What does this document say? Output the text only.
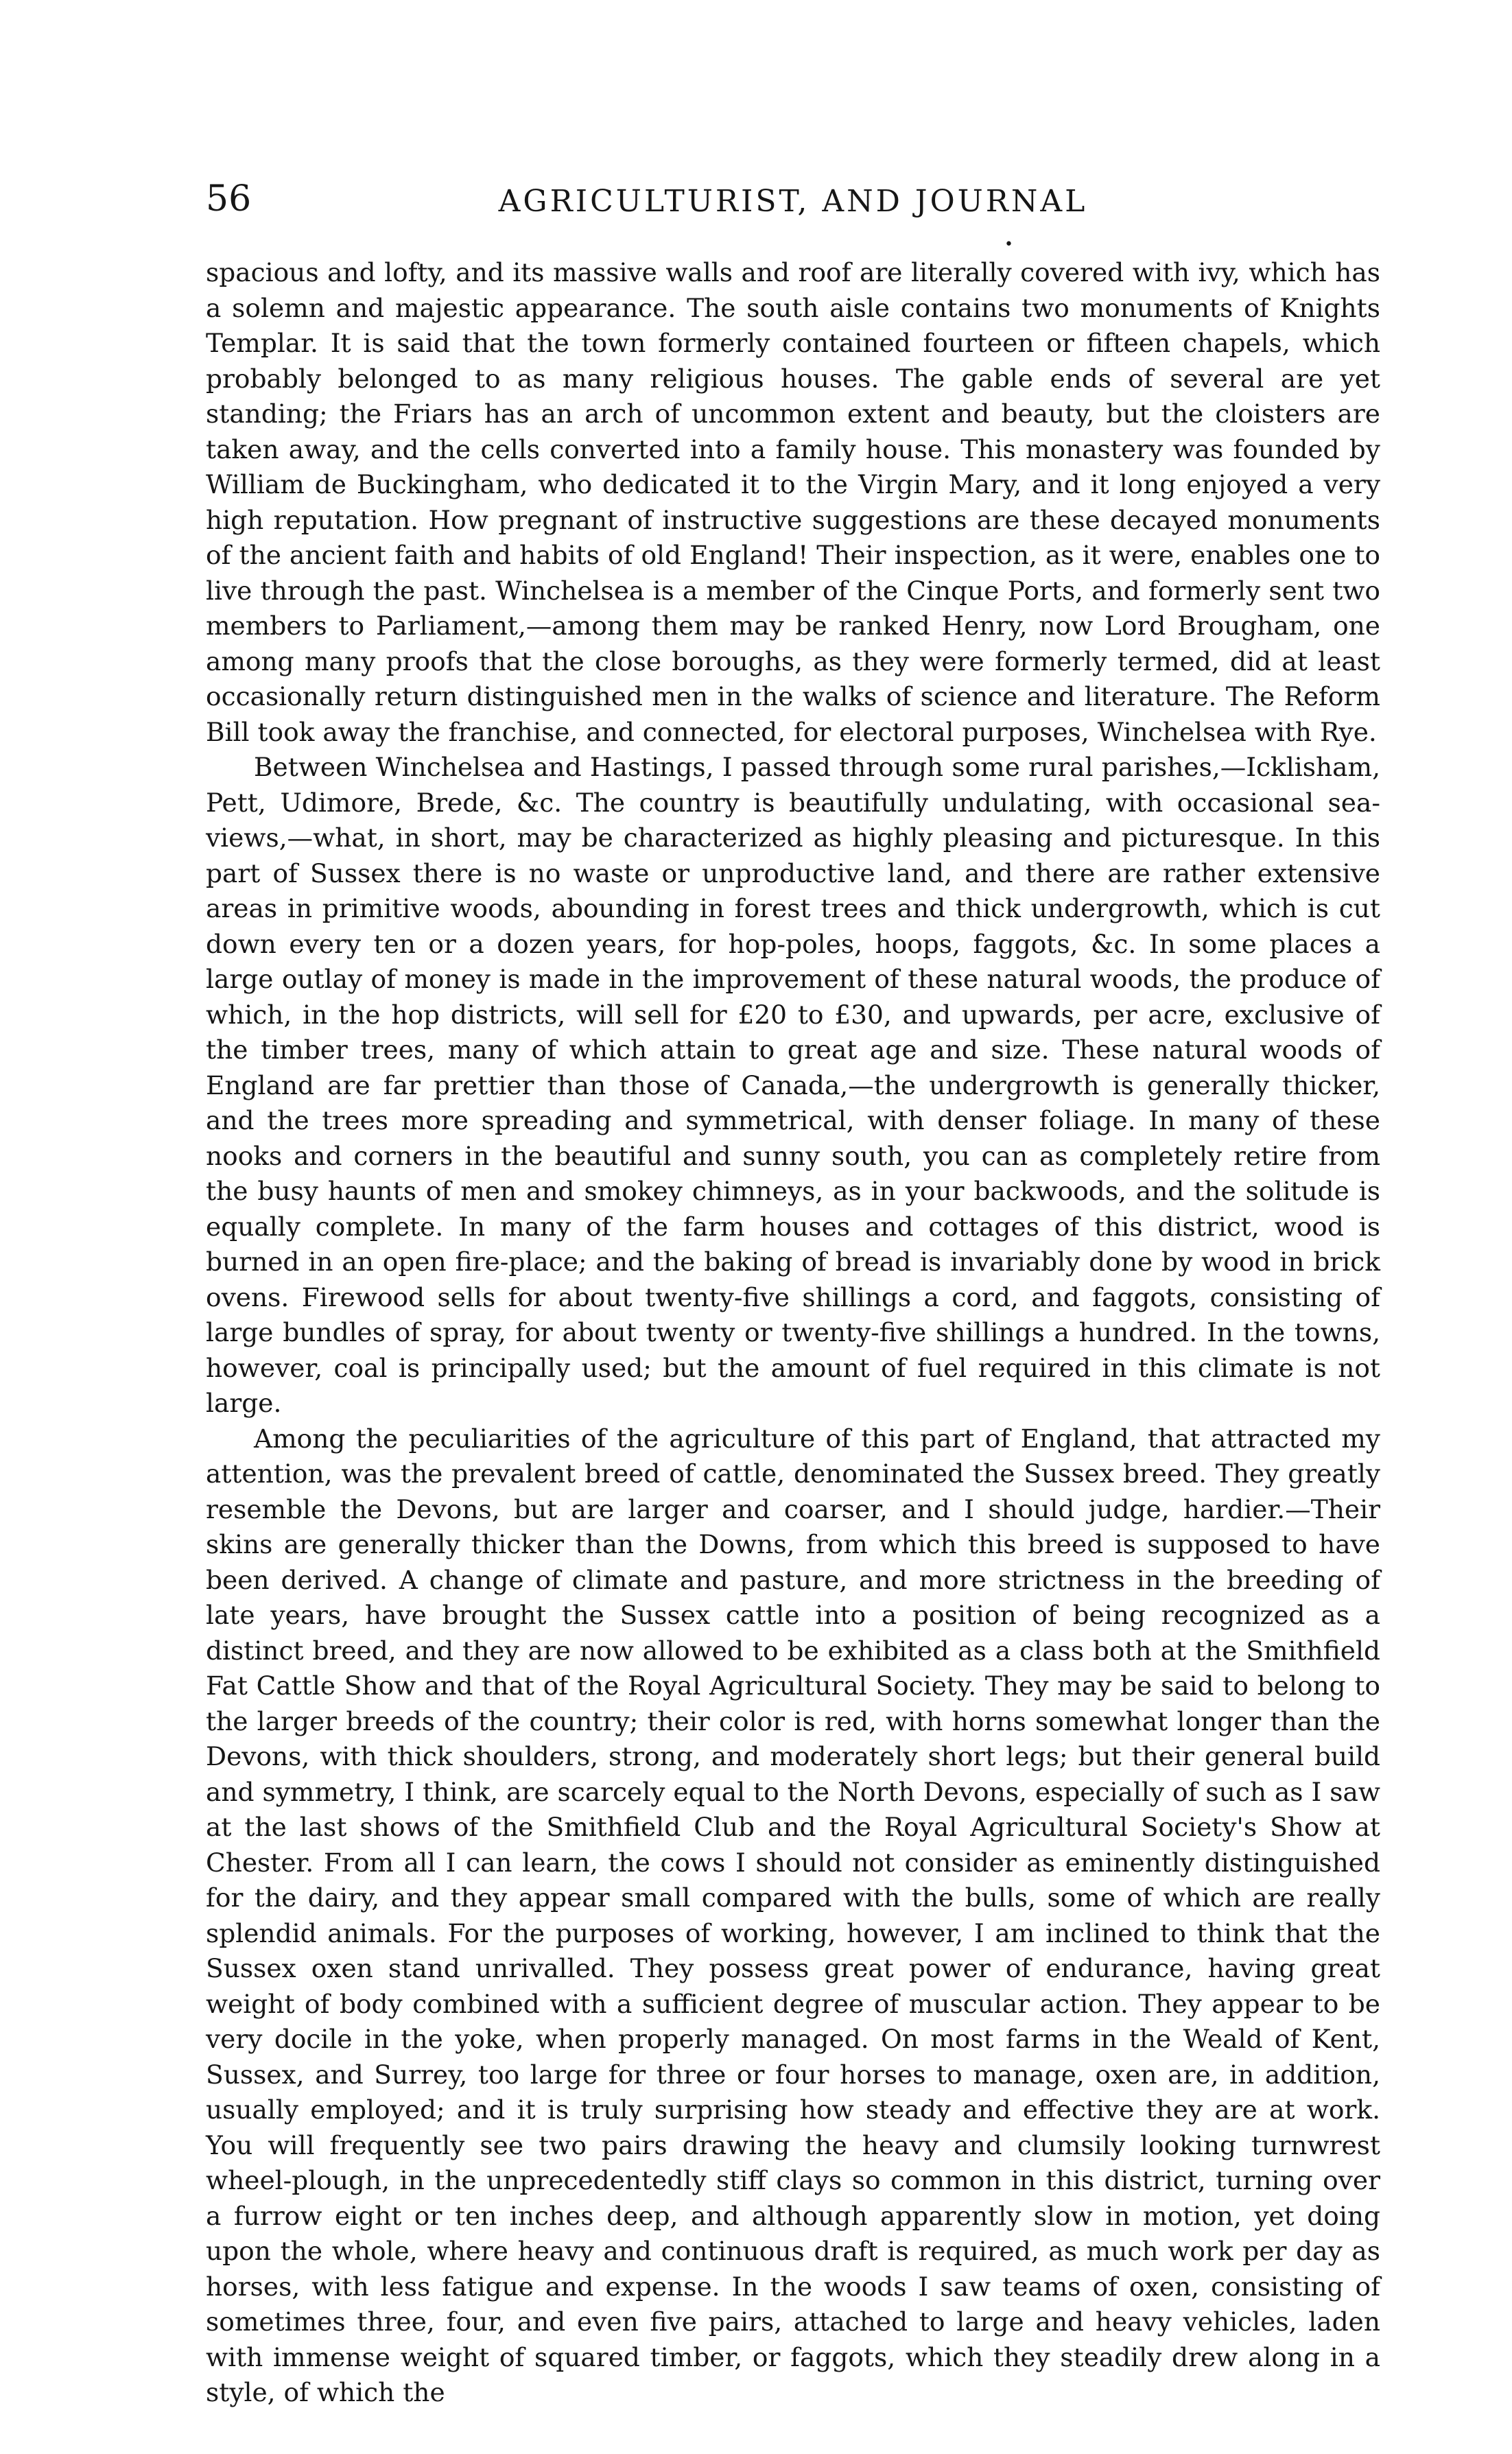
56	AGRICULTURIST, AND JOURNAL
•

spacious and lofty, and its massive walls and roof are literally covered with ivy, which has a solemn and majestic appearance. The south aisle contains two monuments of Knights Templar. It is said that the town formerly contained fourteen or fifteen chapels, which probably belonged to as many religious houses. The gable ends of several are yet standing; the Friars has an arch of uncommon extent and beauty, but the cloisters are taken away, and the cells converted into a family house. This monastery was founded by William de Buckingham, who dedicated it to the Virgin Mary, and it long enjoyed a very high reputation. How pregnant of instructive suggestions are these decayed monuments of the ancient faith and habits of old England! Their inspection, as it were, enables one to live through the past. Winchelsea is a member of the Cinque Ports, and formerly sent two members to Parliament,—among them may be ranked Henry, now Lord Brougham, one among many proofs that the close boroughs, as they were formerly termed, did at least occasionally return distinguished men in the walks of science and literature. The Reform Bill took away the franchise, and connected, for electoral purposes, Winchelsea with Rye.

Between Winchelsea and Hastings, I passed through some rural parishes,—Icklisham, Pett, Udimore, Brede, &c. The country is beautifully undulating, with occasional sea-views,—what, in short, may be characterized as highly pleasing and picturesque. In this part of Sussex there is no waste or unproductive land, and there are rather extensive areas in primitive woods, abounding in forest trees and thick undergrowth, which is cut down every ten or a dozen years, for hop-poles, hoops, faggots, &c. In some places a large outlay of money is made in the improvement of these natural woods, the produce of which, in the hop districts, will sell for £20 to £30, and upwards, per acre, exclusive of the timber trees, many of which attain to great age and size. These natural woods of England are far prettier than those of Canada,—the undergrowth is generally thicker, and the trees more spreading and symmetrical, with denser foliage. In many of these nooks and corners in the beautiful and sunny south, you can as completely retire from the busy haunts of men and smokey chimneys, as in your backwoods, and the solitude is equally complete. In many of the farm houses and cottages of this district, wood is burned in an open fire-place; and the baking of bread is invariably done by wood in brick ovens. Firewood sells for about twenty-five shillings a cord, and faggots, consisting of large bundles of spray, for about twenty or twenty-five shillings a hundred. In the towns, however, coal is principally used; but the amount of fuel required in this climate is not large.

Among the peculiarities of the agriculture of this part of England, that attracted my attention, was the prevalent breed of cattle, denominated the Sussex breed. They greatly resemble the Devons, but are larger and coarser, and I should judge, hardier.—Their skins are generally thicker than the Downs, from which this breed is supposed to have been derived. A change of climate and pasture, and more strictness in the breeding of late years, have brought the Sussex cattle into a position of being recognized as a distinct breed, and they are now allowed to be exhibited as a class both at the Smithfield Fat Cattle Show and that of the Royal Agricultural Society. They may be said to belong to the larger breeds of the country; their color is red, with horns somewhat longer than the Devons, with thick shoulders, strong, and moderately short legs; but their general build and symmetry, I think, are scarcely equal to the North Devons, especially of such as I saw at the last shows of the Smithfield Club and the Royal Agricultural Society's Show at Chester. From all I can learn, the cows I should not consider as eminently distinguished for the dairy, and they appear small compared with the bulls, some of which are really splendid animals. For the purposes of working, however, I am inclined to think that the Sussex oxen stand unrivalled. They possess great power of endurance, having great weight of body combined with a sufficient degree of muscular action. They appear to be very docile in the yoke, when properly managed. On most farms in the Weald of Kent, Sussex, and Surrey, too large for three or four horses to manage, oxen are, in addition, usually employed; and it is truly surprising how steady and effective they are at work. You will frequently see two pairs drawing the heavy and clumsily looking turnwrest wheel-plough, in the unprecedentedly stiff clays so common in this district, turning over a furrow eight or ten inches deep, and although apparently slow in motion, yet doing upon the whole, where heavy and continuous draft is required, as much work per day as horses, with less fatigue and expense. In the woods I saw teams of oxen, consisting of sometimes three, four, and even five pairs, attached to large and heavy vehicles, laden with immense weight of squared timber, or faggots, which they steadily drew along in a style, of which the
